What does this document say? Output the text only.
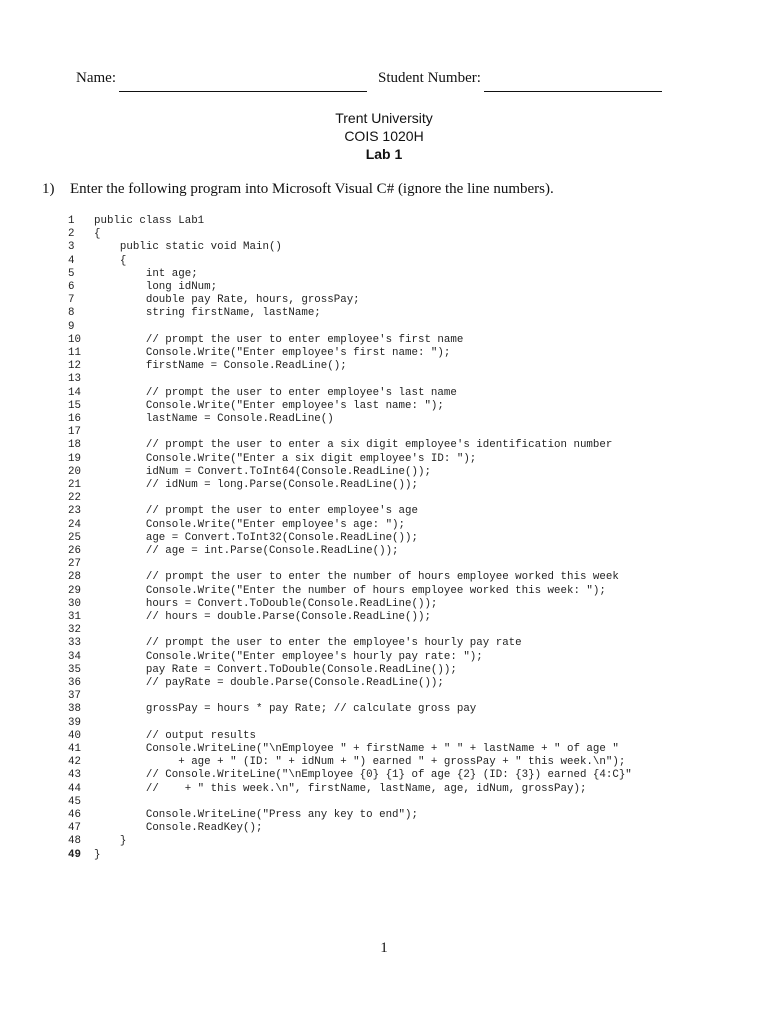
Name:	Student Number:
Trent University
COIS 1020H
Lab 1
1) Enter the following program into Microsoft Visual C# (ignore the line numbers).
1	public class Lab1
2	{
3	public static void Main()
4	{
5	int age;
6	long idNum;
7	double pay Rate, hours, grossPay;
8	string firstName, lastName;
9
10	// prompt the user to enter employee's first name
11	Console.Write("Enter employee's first name: ");
12	firstName = Console.ReadLine();
13
14	// prompt the user to enter employee's last name
15	Console.Write("Enter employee's last name: ");
16	lastName = Console.ReadLine()
17
18	// prompt the user to enter a six digit employee's identification number
19	Console.Write("Enter a six digit employee's ID: ");
20	idNum = Convert.ToInt64(Console.ReadLine());
21	// idNum = long.Parse(Console.ReadLine());
22
23	// prompt the user to enter employee's age
24	Console.Write("Enter employee's age: ");
25	age = Convert.ToInt32(Console.ReadLine());
26	// age = int.Parse(Console.ReadLine());
27
28	// prompt the user to enter the number of hours employee worked this week
29	Console.Write("Enter the number of hours employee worked this week: ");
30	hours = Convert.ToDouble(Console.ReadLine());
31	// hours = double.Parse(Console.ReadLine());
32
33	// prompt the user to enter the employee's hourly pay rate
34	Console.Write("Enter employee's hourly pay rate: ");
35	pay Rate = Convert.ToDouble(Console.ReadLine());
36	// payRate = double.Parse(Console.ReadLine());
37
38	grossPay = hours * pay Rate; // calculate gross pay
39
40	// output results
41	Console.WriteLine("\nEmployee " + firstName + " " + lastName + " of age "
42	+ age + " (ID: " + idNum + ") earned " + grossPay + " this week.\n");
43	// Console.WriteLine("\nEmployee {0} {1} of age {2} (ID: {3}) earned {4:C}"
44	//    + " this week.\n", firstName, lastName, age, idNum, grossPay);
45
46	Console.WriteLine("Press any key to end");
47	Console.ReadKey();
48	}
49	}
1
